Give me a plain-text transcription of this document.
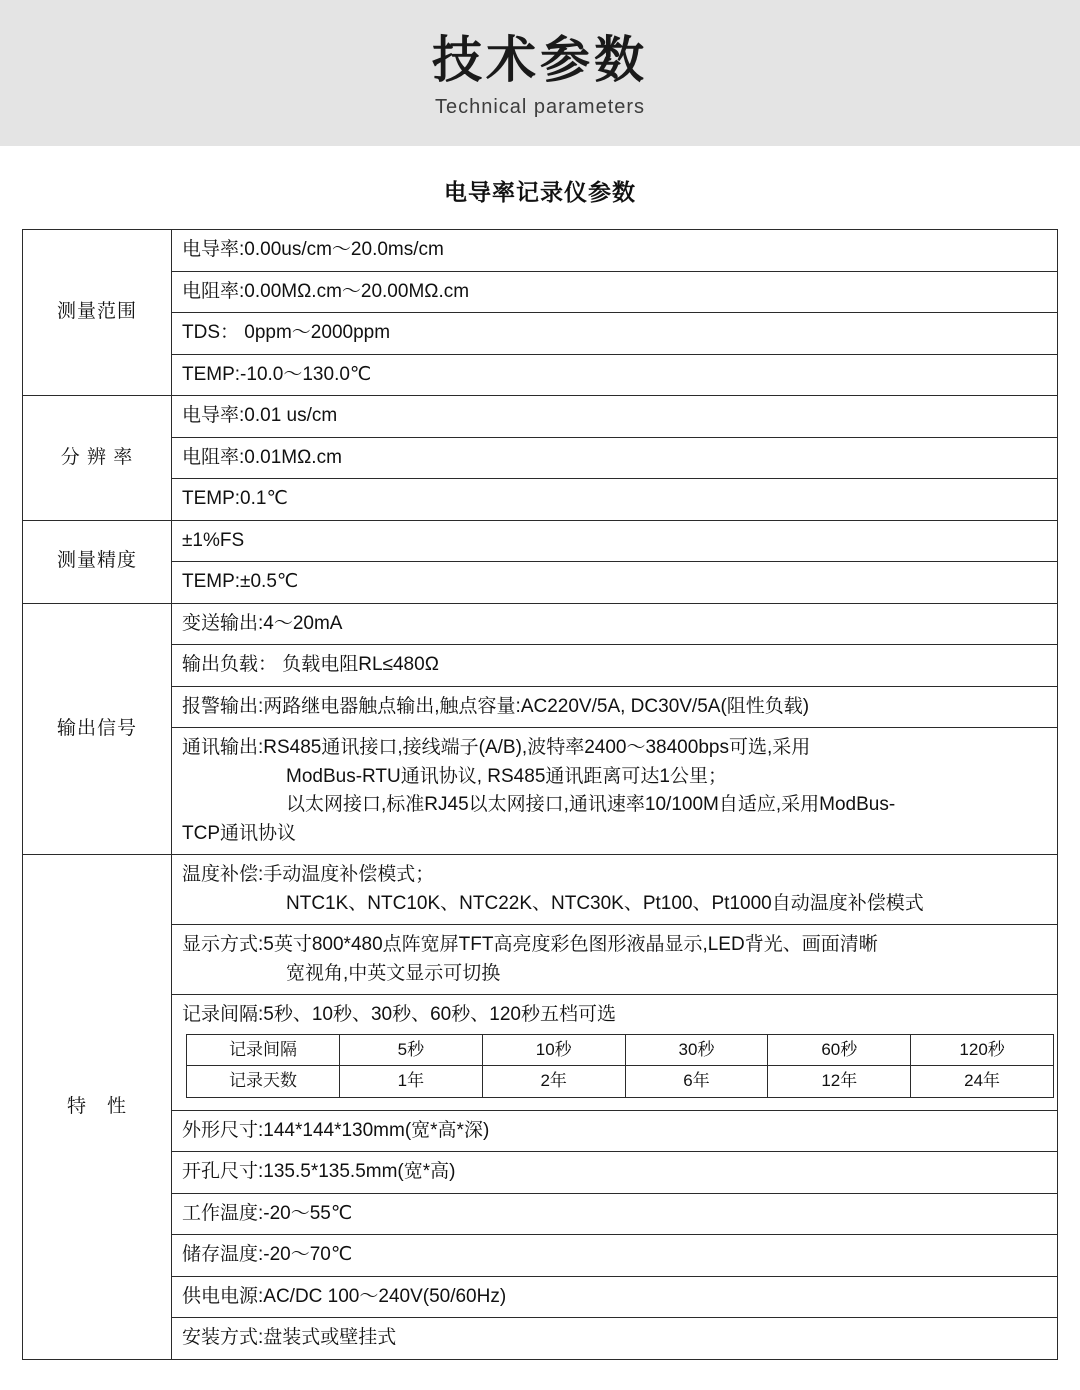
技术参数
Technical parameters
电导率记录仪参数
测量范围	电导率:0.00us/cm～20.0ms/cm
电阻率:0.00MΩ.cm～20.00MΩ.cm
TDS： 0ppm～2000ppm
TEMP:-10.0～130.0℃
分 辨 率	电导率:0.01 us/cm
电阻率:0.01MΩ.cm
TEMP:0.1℃
测量精度	±1%FS
TEMP:±0.5℃
输出信号	变送输出:4～20mA
输出负载： 负载电阻RL≤480Ω
报警输出:两路继电器触点输出,触点容量:AC220V/5A, DC30V/5A(阻性负载)
通讯输出:RS485通讯接口,接线端子(A/B),波特率2400～38400bps可选,采用
ModBus-RTU通讯协议, RS485通讯距离可达1公里；
以太网接口,标准RJ45以太网接口,通讯速率10/100M自适应,采用ModBus-
TCP通讯协议
特　性	温度补偿:手动温度补偿模式；
NTC1K、NTC10K、NTC22K、NTC30K、Pt100、Pt1000自动温度补偿模式

显示方式:5英寸800*480点阵宽屏TFT高亮度彩色图形液晶显示,LED背光、画面清晰
宽视角,中英文显示可切换

记录间隔:5秒、10秒、30秒、60秒、120秒五档可选
记录间隔	5秒	10秒	30秒	60秒	120秒
记录天数	1年	2年	6年	12年	24年

外形尺寸:144*144*130mm(宽*高*深)
开孔尺寸:135.5*135.5mm(宽*高)
工作温度:-20～55℃
储存温度:-20～70℃
供电电源:AC/DC 100～240V(50/60Hz)
安装方式:盘装式或壁挂式
